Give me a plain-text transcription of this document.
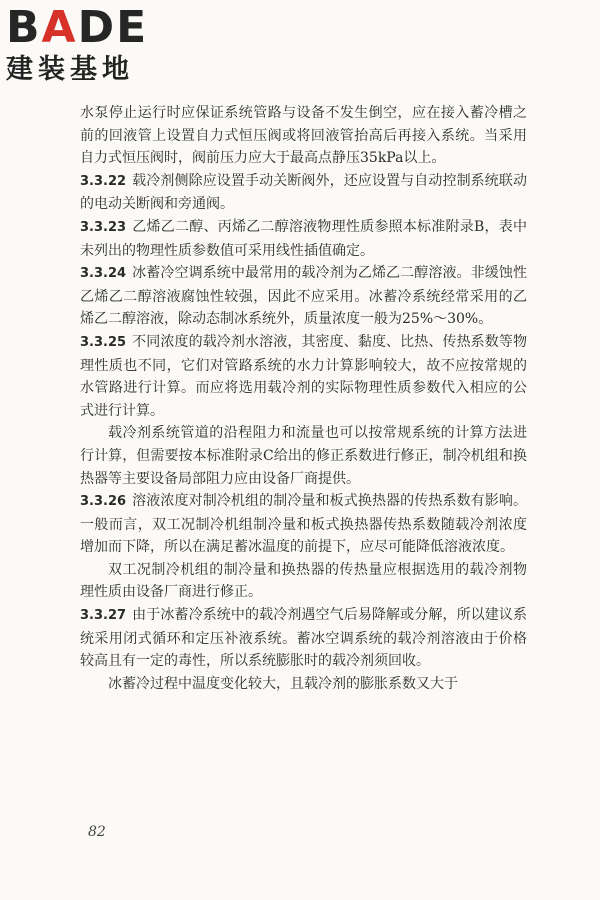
BADE
建装基地

水泵停止运行时应保证系统管路与设备不发生倒空，应在接入蓄冷槽之前的回液管上设置自力式恒压阀或将回液管抬高后再接入系统。当采用自力式恒压阀时，阀前压力应大于最高点静压35kPa以上。

3.3.22 载冷剂侧除应设置手动关断阀外，还应设置与自动控制系统联动的电动关断阀和旁通阀。

3.3.23 乙烯乙二醇、丙烯乙二醇溶液物理性质参照本标准附录B，表中未列出的物理性质参数值可采用线性插值确定。

3.3.24 冰蓄冷空调系统中最常用的载冷剂为乙烯乙二醇溶液。非缓蚀性乙烯乙二醇溶液腐蚀性较强，因此不应采用。冰蓄冷系统经常采用的乙烯乙二醇溶液，除动态制冰系统外，质量浓度一般为25%～30%。

3.3.25 不同浓度的载冷剂水溶液，其密度、黏度、比热、传热系数等物理性质也不同，它们对管路系统的水力计算影响较大，故不应按常规的水管路进行计算。而应将选用载冷剂的实际物理性质参数代入相应的公式进行计算。

载冷剂系统管道的沿程阻力和流量也可以按常规系统的计算方法进行计算，但需要按本标准附录C给出的修正系数进行修正，制冷机组和换热器等主要设备局部阻力应由设备厂商提供。

3.3.26 溶液浓度对制冷机组的制冷量和板式换热器的传热系数有影响。一般而言，双工况制冷机组制冷量和板式换热器传热系数随载冷剂浓度增加而下降，所以在满足蓄冰温度的前提下，应尽可能降低溶液浓度。

双工况制冷机组的制冷量和换热器的传热量应根据选用的载冷剂物理性质由设备厂商进行修正。

3.3.27 由于冰蓄冷系统中的载冷剂遇空气后易降解或分解，所以建议系统采用闭式循环和定压补液系统。蓄冰空调系统的载冷剂溶液由于价格较高且有一定的毒性，所以系统膨胀时的载冷剂须回收。

冰蓄冷过程中温度变化较大，且载冷剂的膨胀系数又大于

82
